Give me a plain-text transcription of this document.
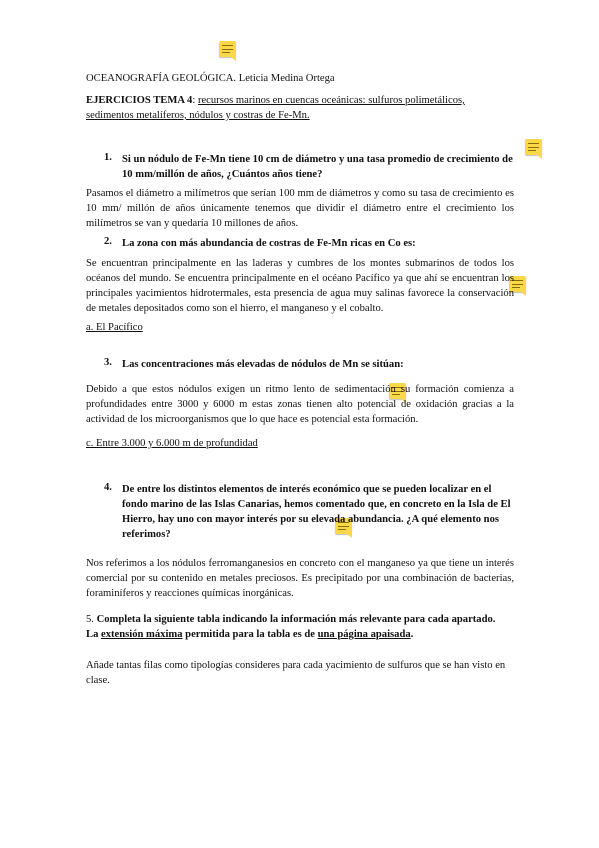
OCEANOGRAFÍA GEOLÓGICA. Leticia Medina Ortega
EJERCICIOS TEMA 4: recursos marinos en cuencas oceánicas: sulfuros polimetálicos, sedimentos metalíferos, nódulos y costras de Fe-Mn.
1. Si un nódulo de Fe-Mn tiene 10 cm de diámetro y una tasa promedio de crecimiento de 10 mm/millón de años, ¿Cuántos años tiene?
Pasamos el diámetro a milímetros que serían 100 mm de diámetros y como su tasa de crecimiento es 10 mm/ millón de años únicamente tenemos que dividir el diámetro entre el crecimiento los milímetros se van y quedaría 10 millones de años.
2. La zona con más abundancia de costras de Fe-Mn ricas en Co es:
Se encuentran principalmente en las laderas y cumbres de los montes submarinos de todos los océanos del mundo. Se encuentra principalmente en el océano Pacífico ya que ahí se encuentran los principales yacimientos hidrotermales, esta presencia de agua muy salinas favorece la conservación de metales depositados como son el hierro, el manganeso y el cobalto.
a. El Pacífico
3. Las concentraciones más elevadas de nódulos de Mn se sitúan:
Debido a que estos nódulos exigen un ritmo lento de sedimentación su formación comienza a profundidades entre 3000 y 6000 m estas zonas tienen alto potencial de oxidación gracias a la actividad de los microorganismos que lo que hace es potencial esta formación.
c. Entre 3.000 y 6.000 m de profundidad
4. De entre los distintos elementos de interés económico que se pueden localizar en el fondo marino de las Islas Canarias, hemos comentado que, en concreto en la Isla de El Hierro, hay uno con mayor interés por su elevada abundancia. ¿A qué elemento nos referimos?
Nos referimos a los nódulos ferromanganesios en concreto con el manganeso ya que tiene un interés comercial por su contenido en metales preciosos. Es precipitado por una combinación de bacterias, foraminíferos y reacciones químicas inorgánicas.
5. Completa la siguiente tabla indicando la información más relevante para cada apartado.
La extensión máxima permitida para la tabla es de una página apaisada.
Añade tantas filas como tipologías consideres para cada yacimiento de sulfuros que se han visto en clase.
